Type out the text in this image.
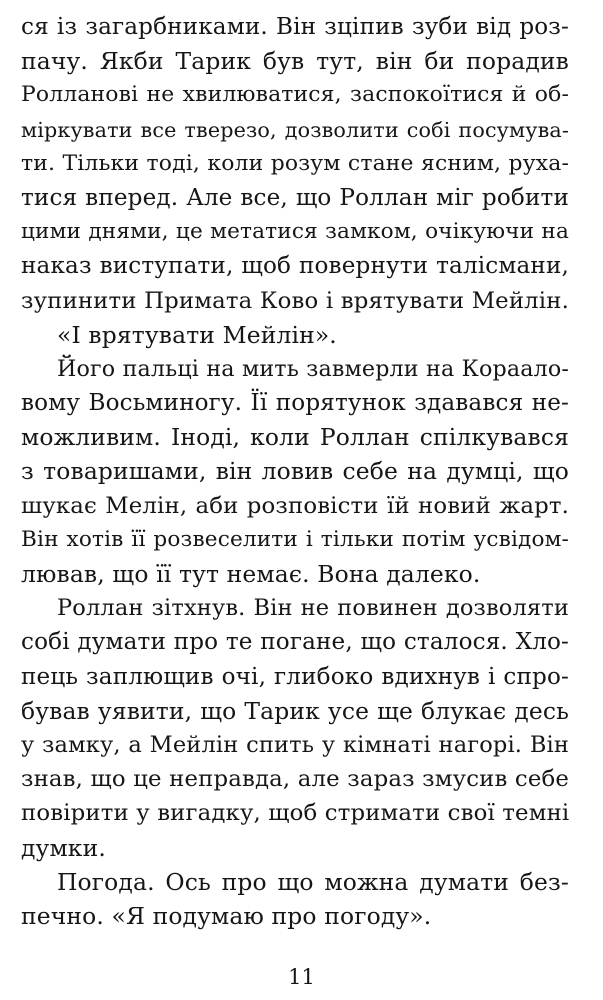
ся із загарбниками. Він зціпив зуби від роз-
пачу. Якби Тарик був тут, він би порадив
Ролланові не хвилюватися, заспокоїтися й об-
міркувати все тверезо, дозволити собі посумува-
ти. Тільки тоді, коли розум стане ясним, руха-
тися вперед. Але все, що Роллан міг робити
цими днями, це метатися замком, очікуючи на
наказ виступати, щоб повернути талісмани,
зупинити Примата Ково і врятувати Мейлін.
«І врятувати Мейлін».
Його пальці на мить завмерли на Кораало-
вому Восьминогу. Її порятунок здавався не-
можливим. Іноді, коли Роллан спілкувався
з товаришами, він ловив себе на думці, що
шукає Мелін, аби розповісти їй новий жарт.
Він хотів її розвеселити і тільки потім усвідом-
лював, що її тут немає. Вона далеко.
Роллан зітхнув. Він не повинен дозволяти
собі думати про те погане, що сталося. Хло-
пець заплющив очі, глибоко вдихнув і спро-
бував уявити, що Тарик усе ще блукає десь
у замку, а Мейлін спить у кімнаті нагорі. Він
знав, що це неправда, але зараз змусив себе
повірити у вигадку, щоб стримати свої темні
думки.
Погода. Ось про що можна думати без-
печно. «Я подумаю про погоду».
11
